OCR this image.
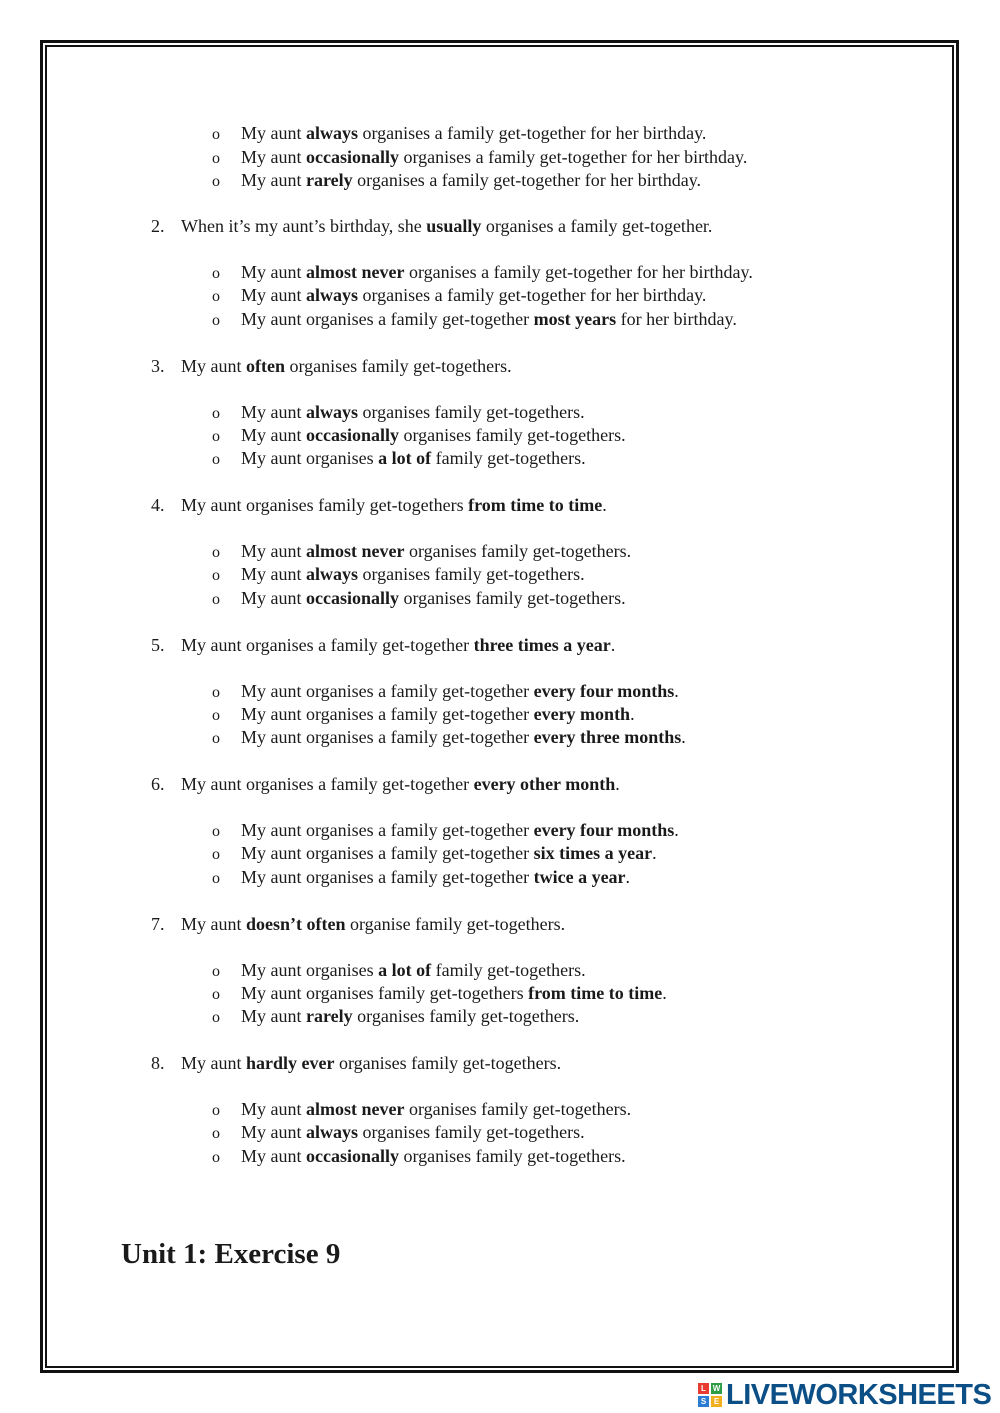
o My aunt always organises a family get-together for her birthday.
o My aunt occasionally organises a family get-together for her birthday.
o My aunt rarely organises a family get-together for her birthday.
2. When it’s my aunt’s birthday, she usually organises a family get-together.
o My aunt almost never organises a family get-together for her birthday.
o My aunt always organises a family get-together for her birthday.
o My aunt organises a family get-together most years for her birthday.
3. My aunt often organises family get-togethers.
o My aunt always organises family get-togethers.
o My aunt occasionally organises family get-togethers.
o My aunt organises a lot of family get-togethers.
4. My aunt organises family get-togethers from time to time.
o My aunt almost never organises family get-togethers.
o My aunt always organises family get-togethers.
o My aunt occasionally organises family get-togethers.
5. My aunt organises a family get-together three times a year.
o My aunt organises a family get-together every four months.
o My aunt organises a family get-together every month.
o My aunt organises a family get-together every three months.
6. My aunt organises a family get-together every other month.
o My aunt organises a family get-together every four months.
o My aunt organises a family get-together six times a year.
o My aunt organises a family get-together twice a year.
7. My aunt doesn’t often organise family get-togethers.
o My aunt organises a lot of family get-togethers.
o My aunt organises family get-togethers from time to time.
o My aunt rarely organises family get-togethers.
8. My aunt hardly ever organises family get-togethers.
o My aunt almost never organises family get-togethers.
o My aunt always organises family get-togethers.
o My aunt occasionally organises family get-togethers.
Unit 1: Exercise 9
L W
S E LIVEWORKSHEETS
